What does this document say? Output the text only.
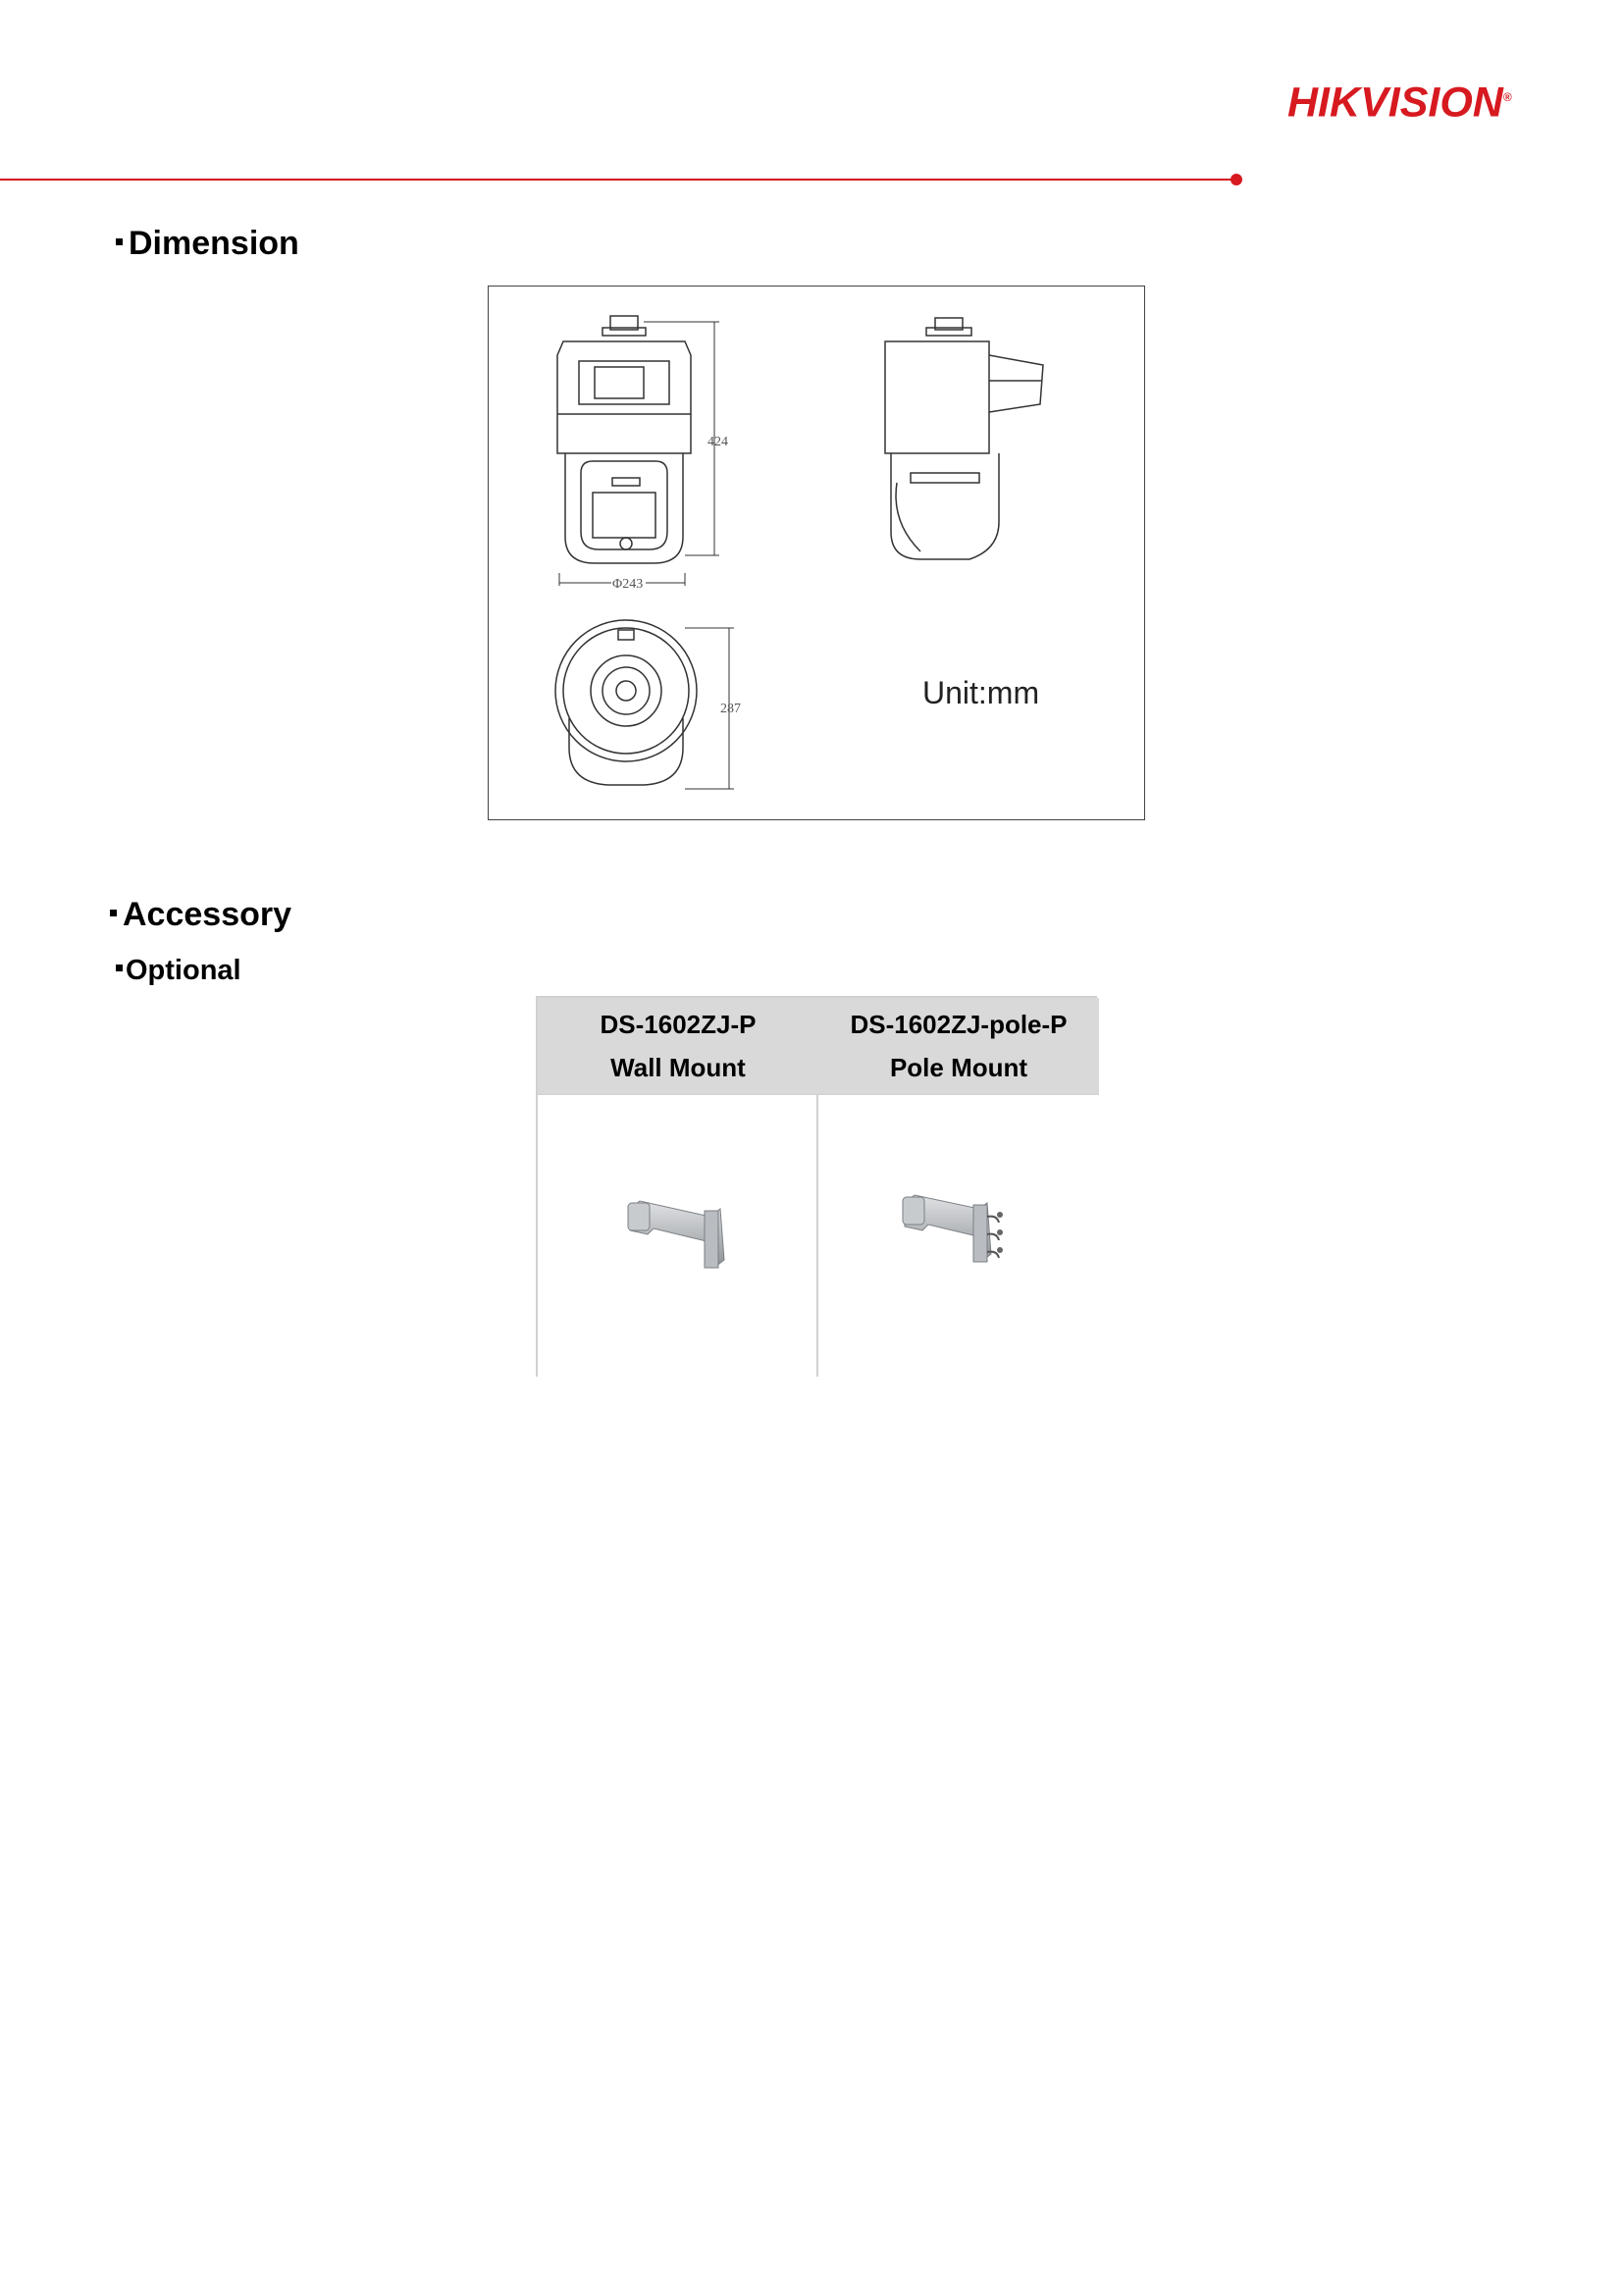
HIKVISION®
Dimension
424
Φ243
287	Unit:mm
Accessory
Optional
DS-1602ZJ-P
Wall Mount
DS-1602ZJ-pole-P
Pole Mount
